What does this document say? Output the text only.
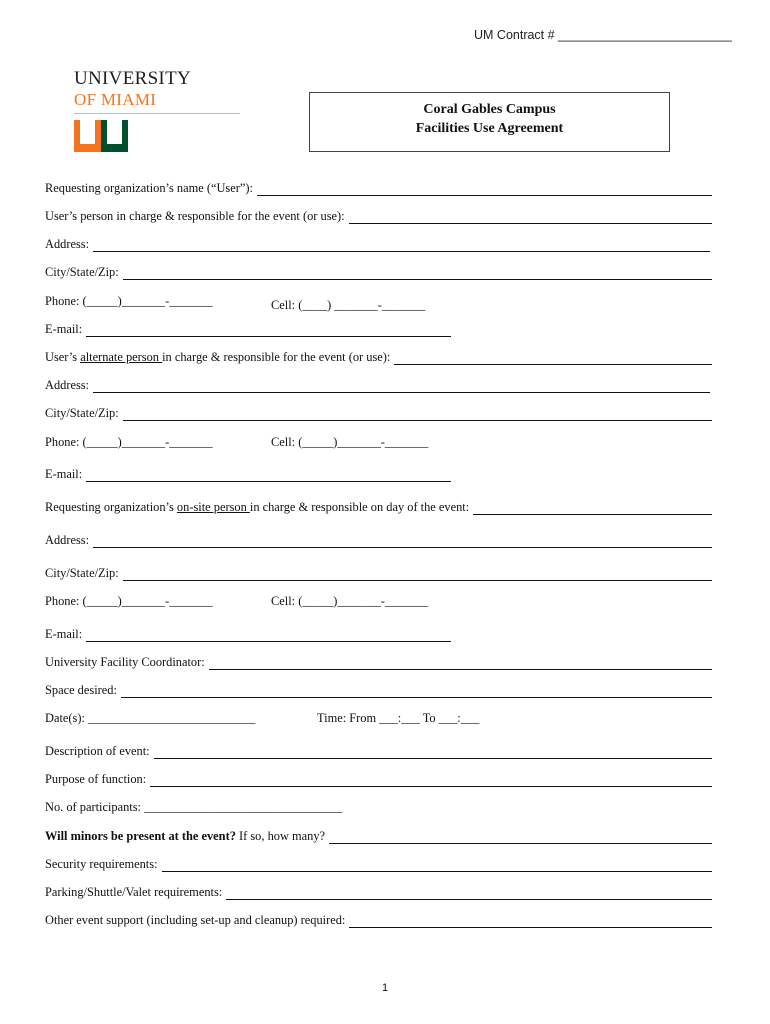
UM Contract # _________________________
UNIVERSITY
OF MIAMI
Coral Gables Campus
Facilities Use Agreement
Requesting organization’s name (“User”):
User’s person in charge & responsible for the event (or use):
Address:
City/State/Zip:
Phone: (_____)_______-_______	Cell: (____) _______-_______
E-mail:
User’s alternate person in charge & responsible for the event (or use):
Address:
City/State/Zip:
Phone: (_____)_______-_______	Cell: (_____)_______-_______
E-mail:
Requesting organization’s on-site person in charge & responsible on day of the event:
Address:
City/State/Zip:
Phone: (_____)_______-_______	Cell: (_____)_______-_______
E-mail:
University Facility Coordinator:
Space desired:
Date(s): ___________________________	Time: From ___:___ To ___:___
Description of event:
Purpose of function:
No. of participants: ________________________________
Will minors be present at the event? If so, how many?
Security requirements:
Parking/Shuttle/Valet requirements:
Other event support (including set-up and cleanup) required:
1
